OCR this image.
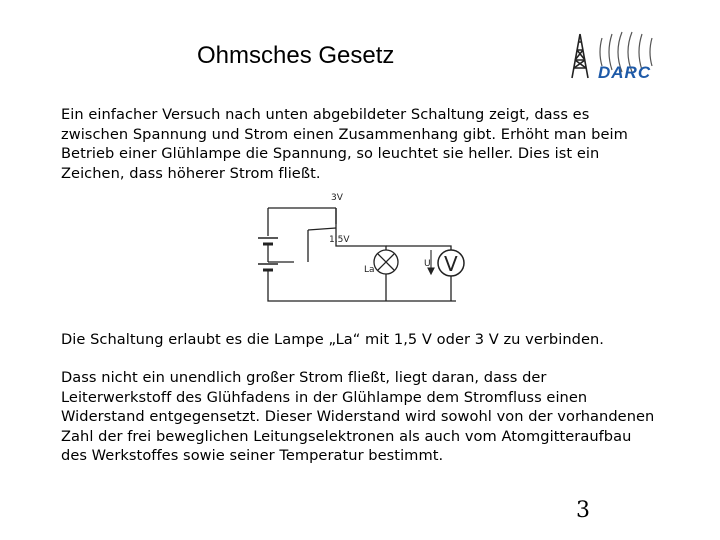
Ohmsches Gesetz
DARC

Ein einfacher Versuch nach unten abgebildeter Schaltung zeigt, dass es zwischen Spannung und Strom einen Zusammenhang gibt. Erhöht man beim Betrieb einer Glühlampe die Spannung, so leuchtet sie heller. Dies ist ein Zeichen, dass höherer Strom fließt.

V
3V
1,5V
La
U

Die Schaltung erlaubt es die Lampe „La“ mit 1,5 V oder 3 V zu verbinden.

Dass nicht ein unendlich großer Strom fließt, liegt daran, dass der Leiterwerkstoff des Glühfadens in der Glühlampe dem Stromfluss einen Widerstand entgegensetzt. Dieser Widerstand wird sowohl von der vorhandenen Zahl der frei beweglichen Leitungselektronen als auch vom Atomgitteraufbau des Werkstoffes sowie seiner Temperatur bestimmt.

3
